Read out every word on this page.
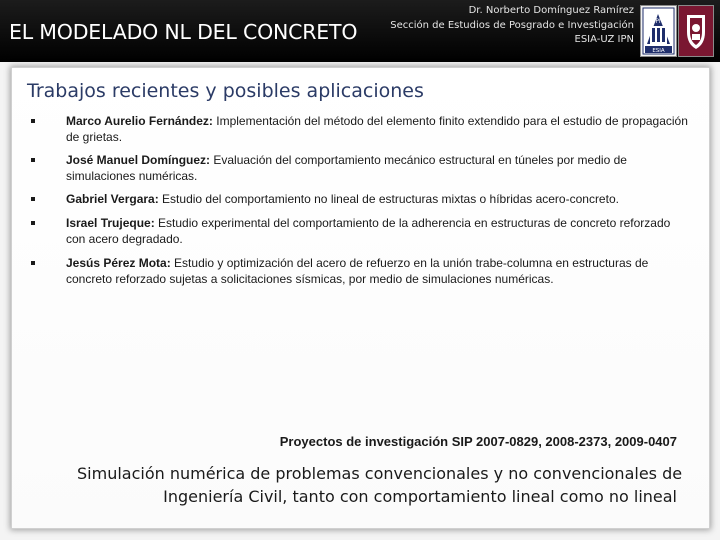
EL MODELADO NL DEL CONCRETO
Dr. Norberto Domínguez Ramírez
Sección de Estudios de Posgrado e Investigación
ESIA-UZ IPN
IPN
ESIA
Trabajos recientes y posibles aplicaciones
Marco Aurelio Fernández: Implementación del método del elemento finito extendido para el estudio de propagación de grietas.
José Manuel Domínguez: Evaluación del comportamiento mecánico estructural en túneles por medio de simulaciones numéricas.
Gabriel Vergara: Estudio del comportamiento no lineal de estructuras mixtas o híbridas acero-concreto.
Israel Trujeque: Estudio experimental del comportamiento de la adherencia en estructuras de concreto reforzado con acero degradado.
Jesús Pérez Mota: Estudio y optimización del acero de refuerzo en la unión trabe-columna en estructuras de concreto reforzado sujetas a solicitaciones sísmicas, por medio de simulaciones numéricas.
Proyectos de investigación SIP 2007-0829, 2008-2373, 2009-0407
Simulación numérica de problemas convencionales y no convencionales de
Ingeniería Civil, tanto con comportamiento lineal como no lineal
